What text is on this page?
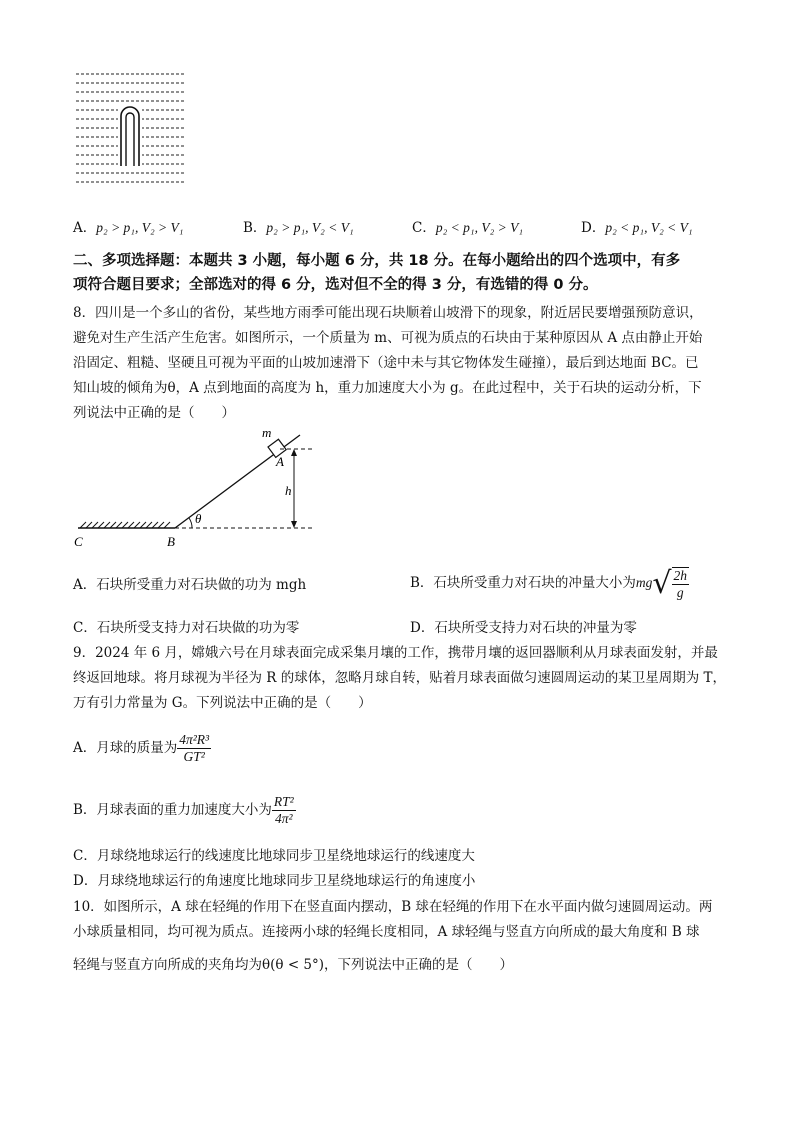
A．p₂ > p₁, V₂ > V₁	B．p₂ > p₁, V₂ < V₁	C．p₂ < p₁, V₂ > V₁	D．p₂ < p₁, V₂ < V₁
二、多项选择题：本题共 3 小题，每小题 6 分，共 18 分。在每小题给出的四个选项中，有多
项符合题目要求；全部选对的得 6 分，选对但不全的得 3 分，有选错的得 0 分。
8．四川是一个多山的省份，某些地方雨季可能出现石块顺着山坡滑下的现象，附近居民要增强预防意识，
避免对生产生活产生危害。如图所示，一个质量为 m、可视为质点的石块由于某种原因从 A 点由静止开始
沿固定、粗糙、坚硬且可视为平面的山坡加速滑下（途中未与其它物体发生碰撞），最后到达地面 BC。已
知山坡的倾角为θ，A 点到地面的高度为 h，重力加速度大小为 g。在此过程中，关于石块的运动分析，下
列说法中正确的是（　　）
m
A
h
θ
B
C
A．石块所受重力对石块做的功为 mgh	B．石块所受重力对石块的冲量大小为$mg√ \frac{2h}{g}$
C．石块所受支持力对石块做的功为零	D．石块所受支持力对石块的冲量为零
9．2024 年 6 月，嫦娥六号在月球表面完成采集月壤的工作，携带月壤的返回器顺利从月球表面发射，并最
终返回地球。将月球视为半径为 R 的球体，忽略月球自转，贴着月球表面做匀速圆周运动的某卫星周期为 T，
万有引力常量为 G。下列说法中正确的是（　　）
A．月球的质量为 $\frac{\text{4π²R³}}{\text{GT²}}$
B．月球表面的重力加速度大小为 $\frac{\text{RT²}}{\text{4π²}}$
C．月球绕地球运行的线速度比地球同步卫星绕地球运行的线速度大
D．月球绕地球运行的角速度比地球同步卫星绕地球运行的角速度小
10．如图所示，A 球在轻绳的作用下在竖直面内摆动，B 球在轻绳的作用下在水平面内做匀速圆周运动。两
小球质量相同，均可视为质点。连接两小球的轻绳长度相同，A 球轻绳与竖直方向所成的最大角度和 B 球
轻绳与竖直方向所成的夹角均为θ(θ < 5°)，下列说法中正确的是（　　）
